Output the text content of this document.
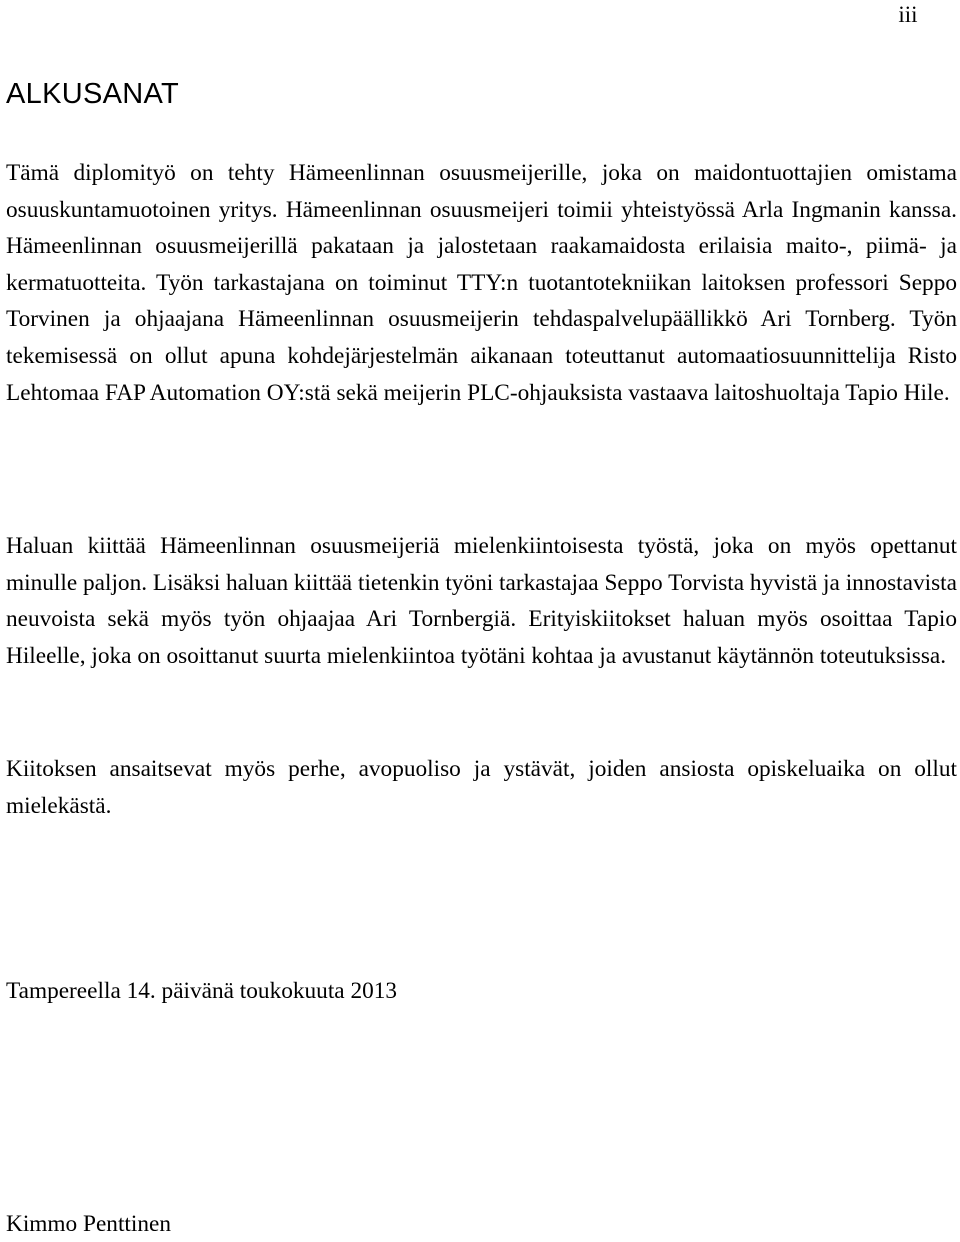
iii
ALKUSANAT

Tämä diplomityö on tehty Hämeenlinnan osuusmeijerille, joka on maidontuottajien omistama osuuskuntamuotoinen yritys. Hämeenlinnan osuusmeijeri toimii yhteistyössä Arla Ingmanin kanssa. Hämeenlinnan osuusmeijerillä pakataan ja jalostetaan raakamaidosta erilaisia maito-, piimä- ja kermatuotteita. Työn tarkastajana on toiminut TTY:n tuotantotekniikan laitoksen professori Seppo Torvinen ja ohjaajana Hämeenlinnan osuusmeijerin tehdaspalvelupäällikkö Ari Tornberg. Työn tekemisessä on ollut apuna kohdejärjestelmän aikanaan toteuttanut automaatiosuunnittelija Risto Lehtomaa FAP Automation OY:stä sekä meijerin PLC-ohjauksista vastaava laitoshuoltaja Tapio Hile.

Haluan kiittää Hämeenlinnan osuusmeijeriä mielenkiintoisesta työstä, joka on myös opettanut minulle paljon. Lisäksi haluan kiittää tietenkin työni tarkastajaa Seppo Torvista hyvistä ja innostavista neuvoista sekä myös työn ohjaajaa Ari Tornbergiä. Erityiskiitokset haluan myös osoittaa Tapio Hileelle, joka on osoittanut suurta mielenkiintoa työtäni kohtaa ja avustanut käytännön toteutuksissa.

Kiitoksen ansaitsevat myös perhe, avopuoliso ja ystävät, joiden ansiosta opiskeluaika on ollut mielekästä.

Tampereella 14. päivänä toukokuuta 2013

Kimmo Penttinen
